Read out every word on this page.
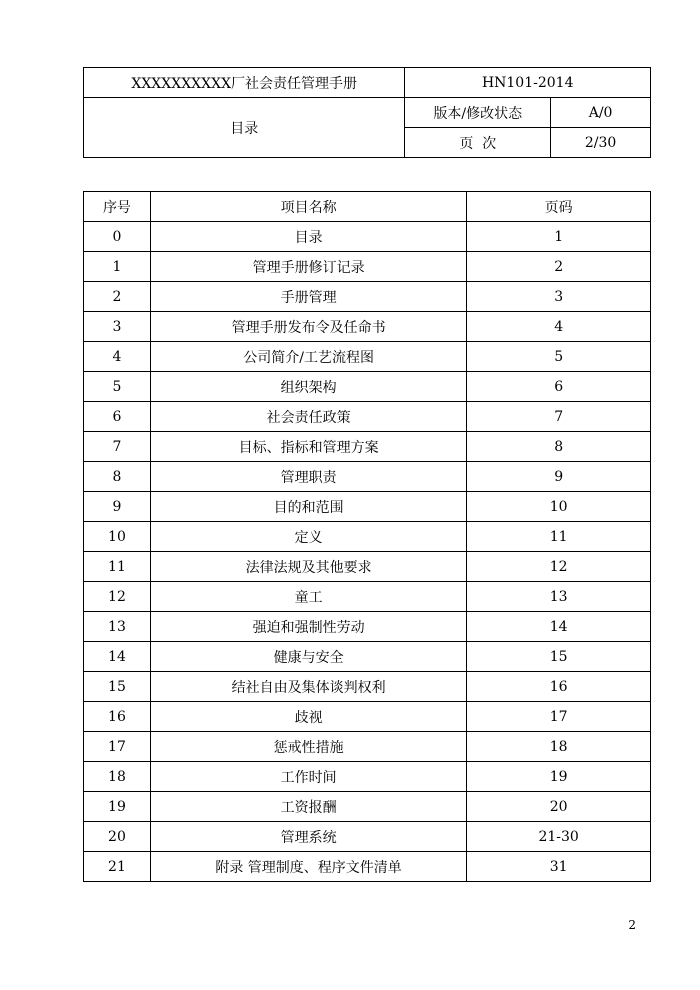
XXXXXXXXXX厂社会责任管理手册	HN101-2014	
目录	版本/修改状态	A/0
	页  次	2/30
序号	项目名称	页码
0	目录	1
1	管理手册修订记录	2
2	手册管理	3
3	管理手册发布令及任命书	4
4	公司简介/工艺流程图	5
5	组织架构	6
6	社会责任政策	7
7	目标、指标和管理方案	8
8	管理职责	9
9	目的和范围	10
10	定义	11
11	法律法规及其他要求	12
12	童工	13
13	强迫和强制性劳动	14
14	健康与安全	15
15	结社自由及集体谈判权利	16
16	歧视	17
17	惩戒性措施	18
18	工作时间	19
19	工资报酬	20
20	管理系统	21-30
21	附录 管理制度、程序文件清单	31
2
